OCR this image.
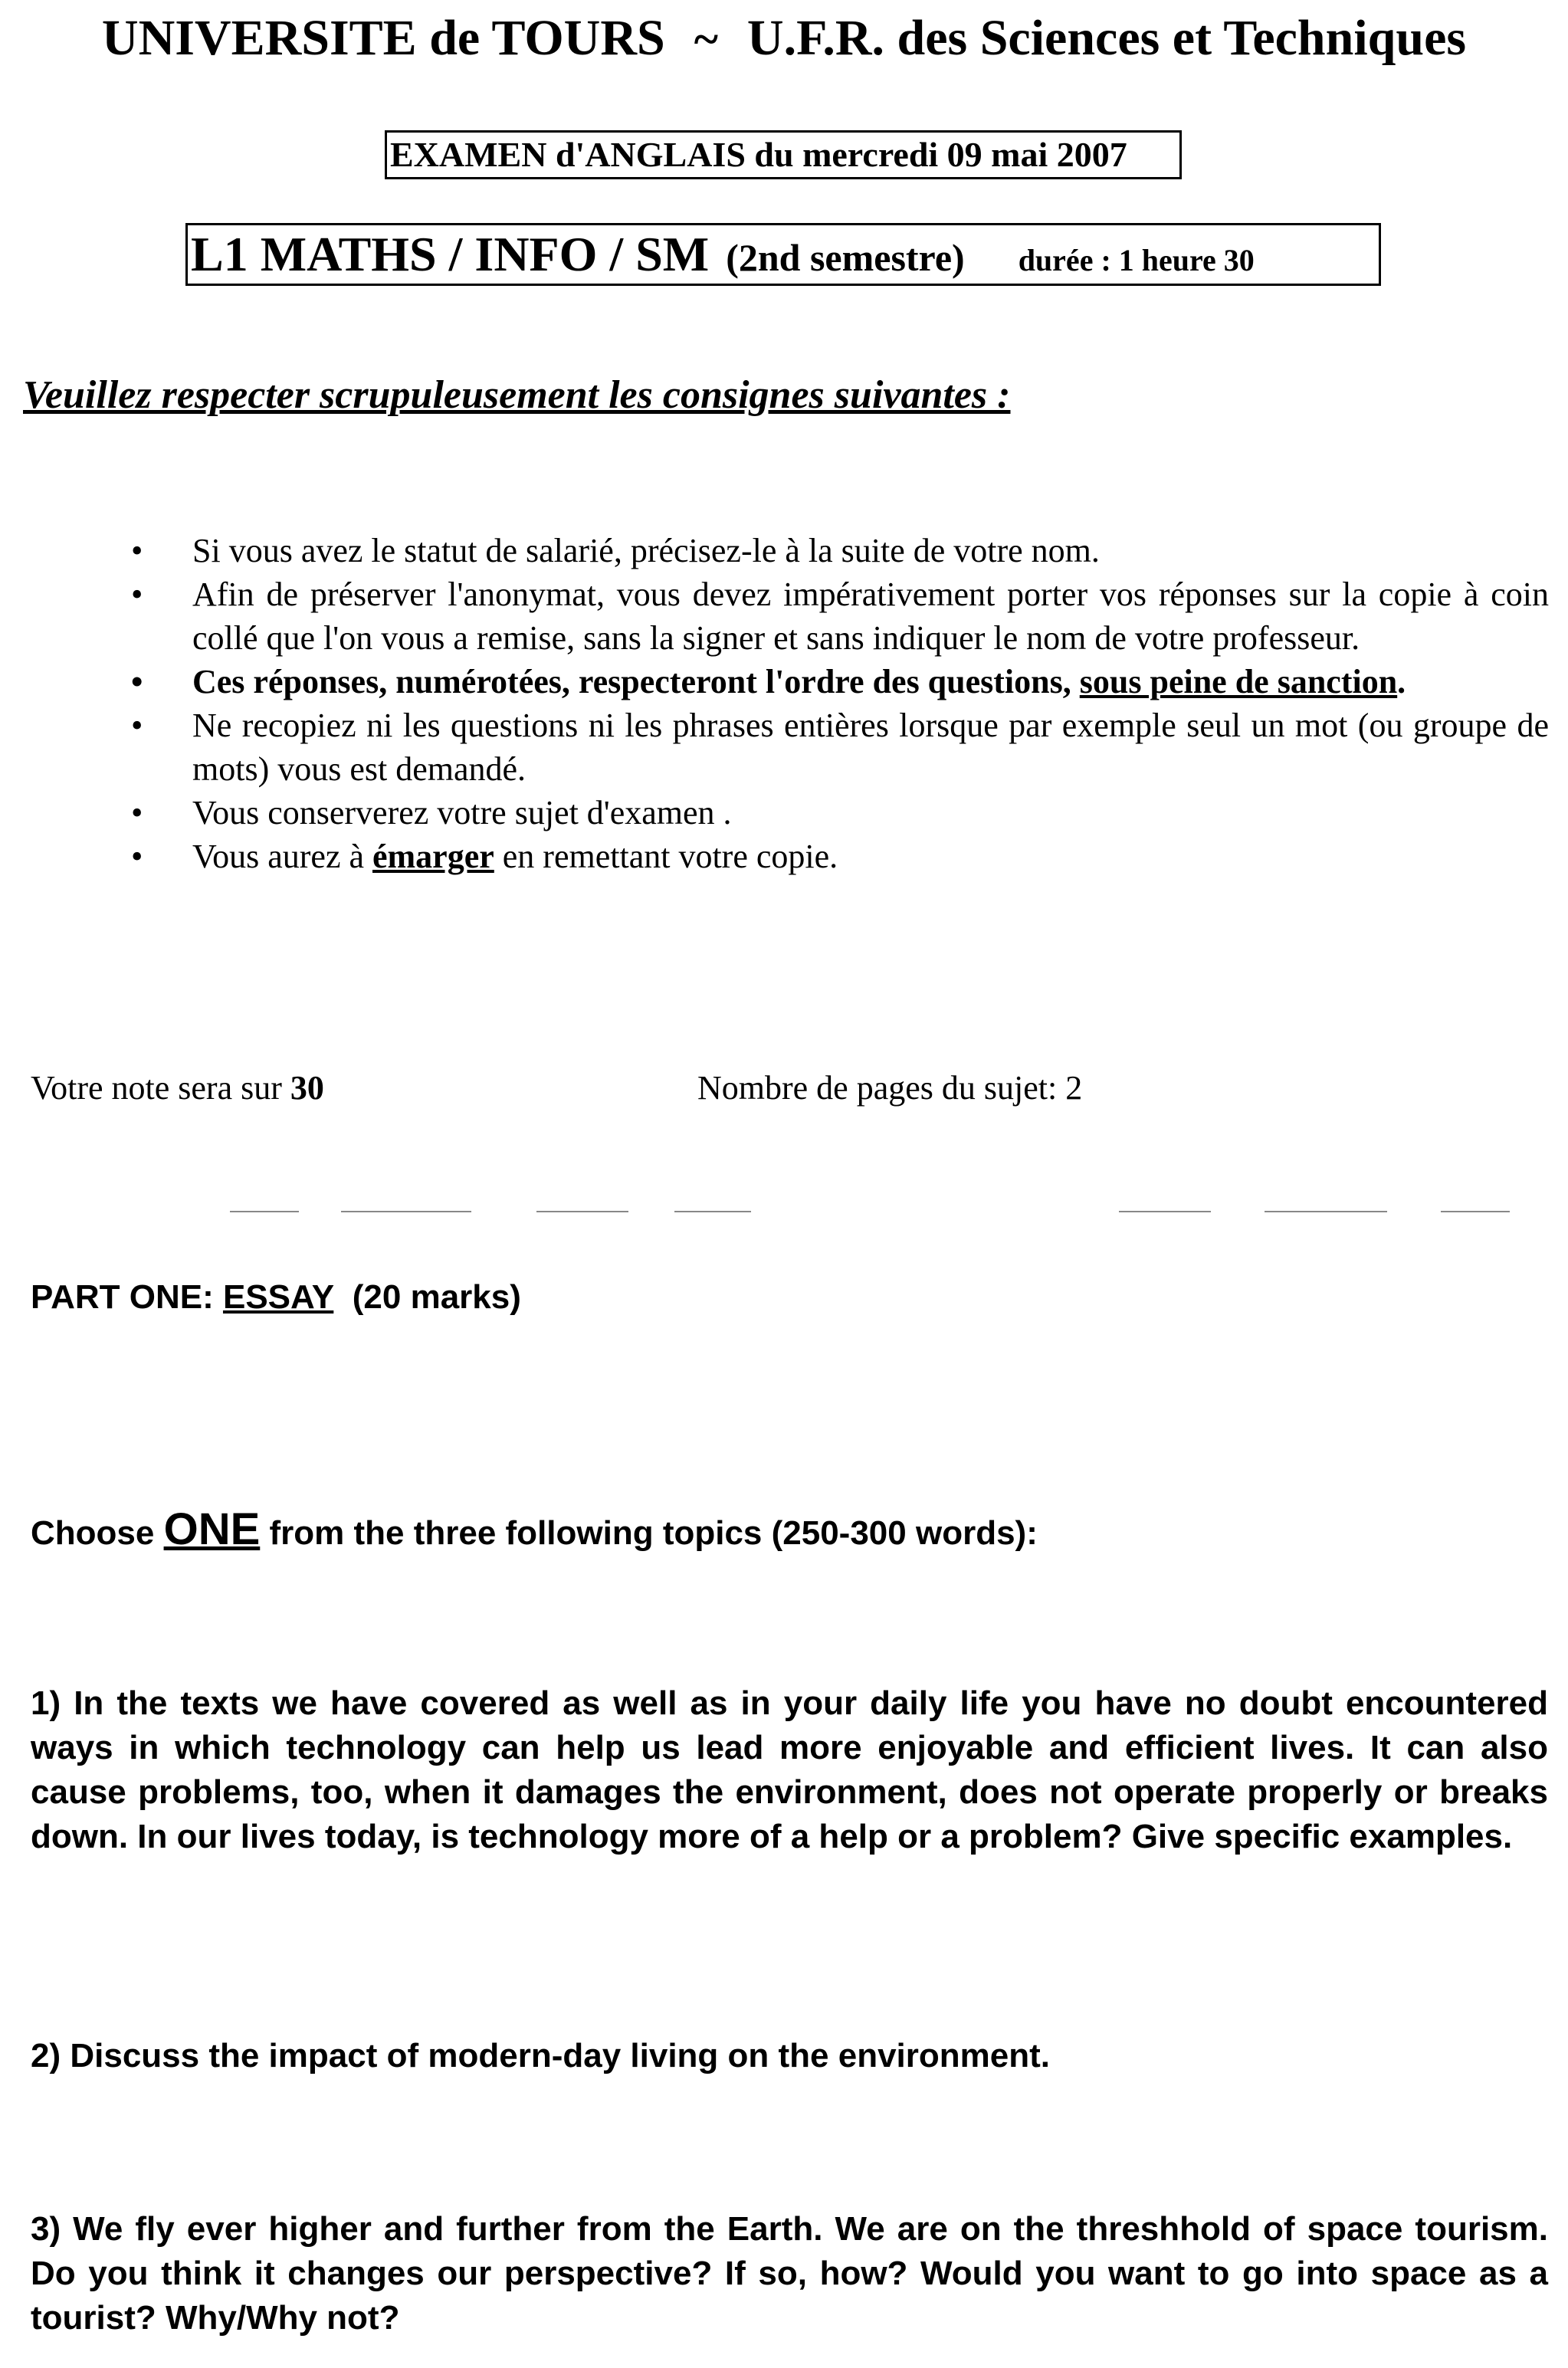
UNIVERSITE de TOURS ~ U.F.R. des Sciences et Techniques
EXAMEN d'ANGLAIS du mercredi 09 mai 2007
L1 MATHS / INFO / SM (2nd semestre) durée : 1 heure 30
Veuillez respecter scrupuleusement les consignes suivantes :
• Si vous avez le statut de salarié, précisez-le à la suite de votre nom.
• Afin de préserver l'anonymat, vous devez impérativement porter vos réponses sur la copie à coin collé que l'on vous a remise, sans la signer et sans indiquer le nom de votre professeur.
• Ces réponses, numérotées, respecteront l'ordre des questions, sous peine de sanction.
• Ne recopiez ni les questions ni les phrases entières lorsque par exemple seul un mot (ou groupe de mots) vous est demandé.
• Vous conserverez votre sujet d'examen .
• Vous aurez à émarger en remettant votre copie.
Votre note sera sur 30	Nombre de pages du sujet: 2
PART ONE: ESSAY  (20 marks)
Choose ONE from the three following topics (250-300 words):

1) In the texts we have covered as well as in your daily life you have no doubt encountered ways in which technology can help us lead more enjoyable and efficient lives. It can also cause problems, too, when it damages the environment, does not operate properly or breaks down. In our lives today, is technology more of a help or a problem? Give specific examples.

2) Discuss the impact of modern-day living on the environment.

3) We fly ever higher and further from the Earth. We are on the threshhold of space tourism. Do you think it changes our perspective? If so, how? Would you want to go into space as a tourist? Why/Why not?
